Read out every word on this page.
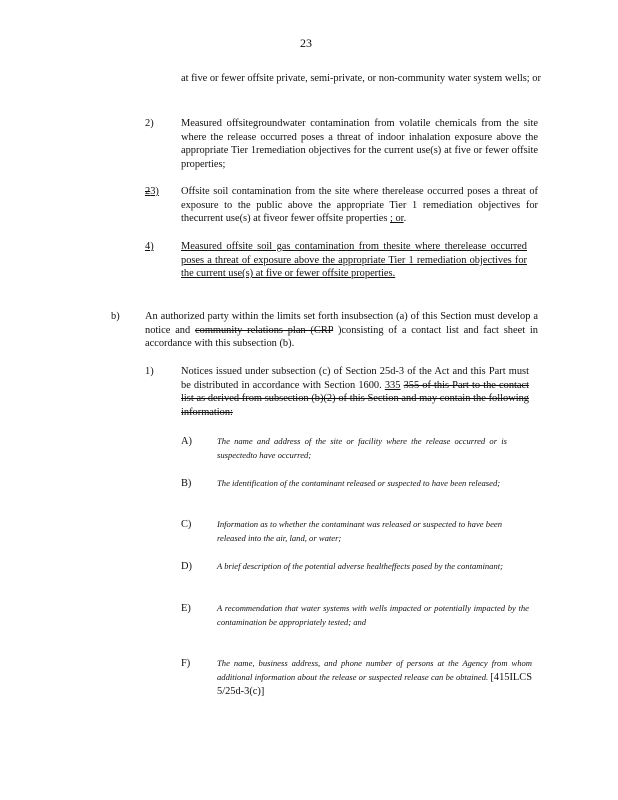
23
at five or fewer offsite private, semi-private, or non-community water system wells; or
2)	Measured offsitegroundwater contamination from volatile chemicals from the site where the release occurred poses a threat of indoor inhalation exposure above the appropriate Tier 1remediation objectives for the current use(s) at five or fewer offsite properties;
23) Offsite soil contamination from the site where therelease occurred poses a threat of exposure to the public above the appropriate Tier 1 remediation objectives for thecurrent use(s) at fiveor fewer offsite properties ; or.
4)	Measured offsite soil gas contamination from thesite where therelease occurred poses a threat of exposure above the appropriate Tier 1 remediation objectives for the current use(s) at five or fewer offsite properties.
b) An authorized party within the limits set forth insubsection (a) of this Section must develop a notice and community relations plan (CRP )consisting of a contact list and fact sheet in accordance with this subsection (b).
1)	Notices issued under subsection (c) of Section 25d-3 of the Act and this Part must be distributed in accordance with Section 1600. 335 355 of this Part to the contact list as derived from subsection (b)(2) of this Section and may contain the following information:
A)	The name and address of the site or facility where the release occurred or is suspectedto have occurred;
B)	The identification of the contaminant released or suspected to have been released;
C)	Information as to whether the contaminant was released or suspected to have been released into the air, land, or water;
D)	A brief description of the potential adverse healtheffects posed by the contaminant;
E)	A recommendation that water systems with wells impacted or potentially impacted by the contamination be appropriately tested; and
F)	The name, business address, and phone number of persons at the Agency from whom additional information about the release or suspected release can be obtained. [415ILCS 5/25d-3(c)]
